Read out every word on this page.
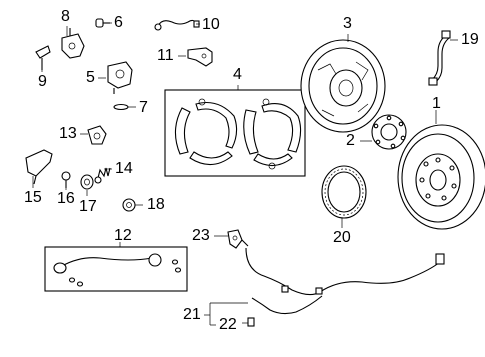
8	6	10
9
11
5
7
4
3
2
1
19
13
14
15 16 17	18
20
12	23
21
22
